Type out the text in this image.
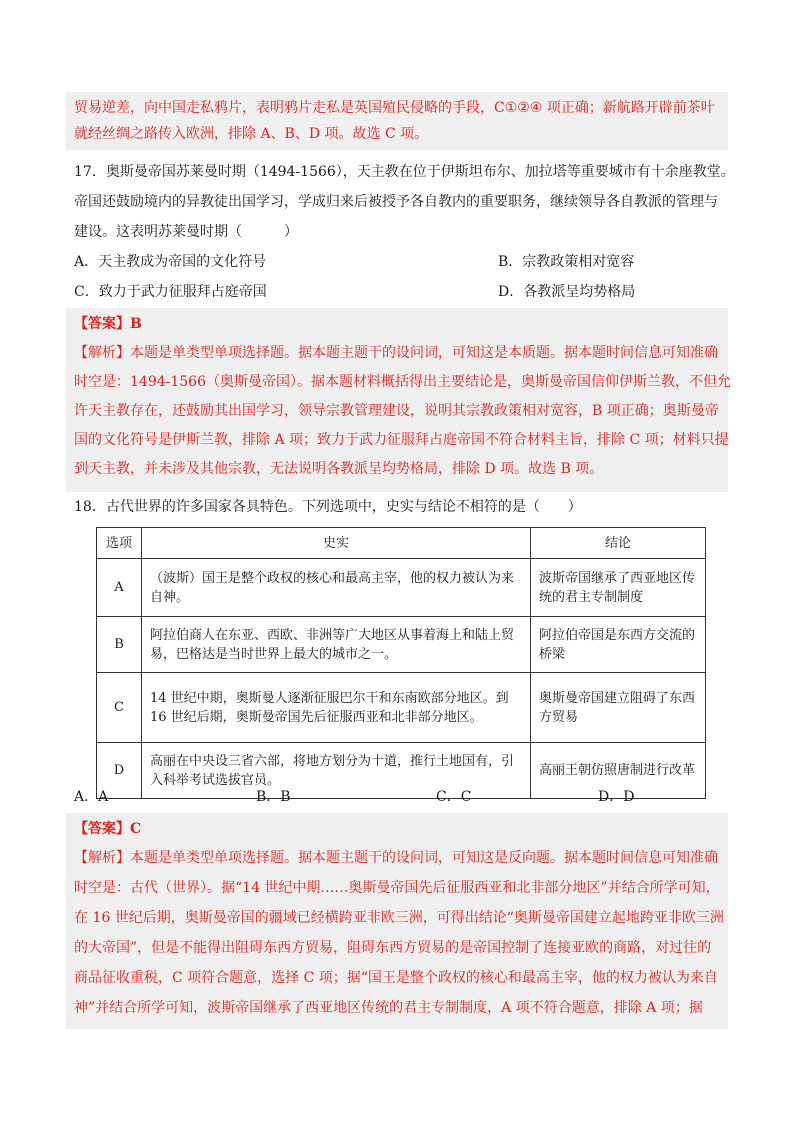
贸易逆差，向中国走私鸦片，表明鸦片走私是英国殖民侵略的手段，C①②④ 项正确；新航路开辟前茶叶
就经丝绸之路传入欧洲，排除 A、B、D 项。故选 C 项。
17．奥斯曼帝国苏莱曼时期（1494-1566），天主教在位于伊斯坦布尔、加拉塔等重要城市有十余座教堂。
帝国还鼓励境内的异教徒出国学习，学成归来后被授予各自教内的重要职务，继续领导各自教派的管理与
建设。这表明苏莱曼时期（　　　）
A．天主教成为帝国的文化符号	B．宗教政策相对宽容
C．致力于武力征服拜占庭帝国	D．各教派呈均势格局
【答案】B
【解析】本题是单类型单项选择题。据本题主题干的设问词，可知这是本质题。据本题时间信息可知准确
时空是：1494-1566（奥斯曼帝国）。据本题材料概括得出主要结论是，奥斯曼帝国信仰伊斯兰教，不但允
许天主教存在，还鼓励其出国学习，领导宗教管理建设，说明其宗教政策相对宽容，B 项正确；奥斯曼帝
国的文化符号是伊斯兰教，排除 A 项；致力于武力征服拜占庭帝国不符合材料主旨，排除 C 项；材料只提
到天主教，并未涉及其他宗教，无法说明各教派呈均势格局，排除 D 项。故选 B 项。
18．古代世界的许多国家各具特色。下列选项中，史实与结论不相符的是（　　）
选项	史实	结论
A	（波斯）国王是整个政权的核心和最高主宰，他的权力被认为来自神。	波斯帝国继承了西亚地区传统的君主专制制度
B	阿拉伯商人在东亚、西欧、非洲等广大地区从事着海上和陆上贸易，巴格达是当时世界上最大的城市之一。	阿拉伯帝国是东西方交流的桥梁
C	14 世纪中期，奥斯曼人逐渐征服巴尔干和东南欧部分地区。到 16 世纪后期，奥斯曼帝国先后征服西亚和北非部分地区。	奥斯曼帝国建立阻碍了东西方贸易
D	高丽在中央设三省六部，将地方划分为十道，推行土地国有，引入科举考试选拔官员。	高丽王朝仿照唐制进行改革
A．A	B．B	C．C	D．D
【答案】C
【解析】本题是单类型单项选择题。据本题主题干的设问词，可知这是反向题。据本题时间信息可知准确
时空是：古代（世界）。据“14 世纪中期……奥斯曼帝国先后征服西亚和北非部分地区”并结合所学可知，
在 16 世纪后期，奥斯曼帝国的疆域已经横跨亚非欧三洲，可得出结论“奥斯曼帝国建立起地跨亚非欧三洲
的大帝国”，但是不能得出阻碍东西方贸易，阻碍东西方贸易的是帝国控制了连接亚欧的商路，对过往的
商品征收重税，C 项符合题意，选择 C 项；据“国王是整个政权的核心和最高主宰，他的权力被认为来自
神”并结合所学可知，波斯帝国继承了西亚地区传统的君主专制制度，A 项不符合题意，排除 A 项；据
